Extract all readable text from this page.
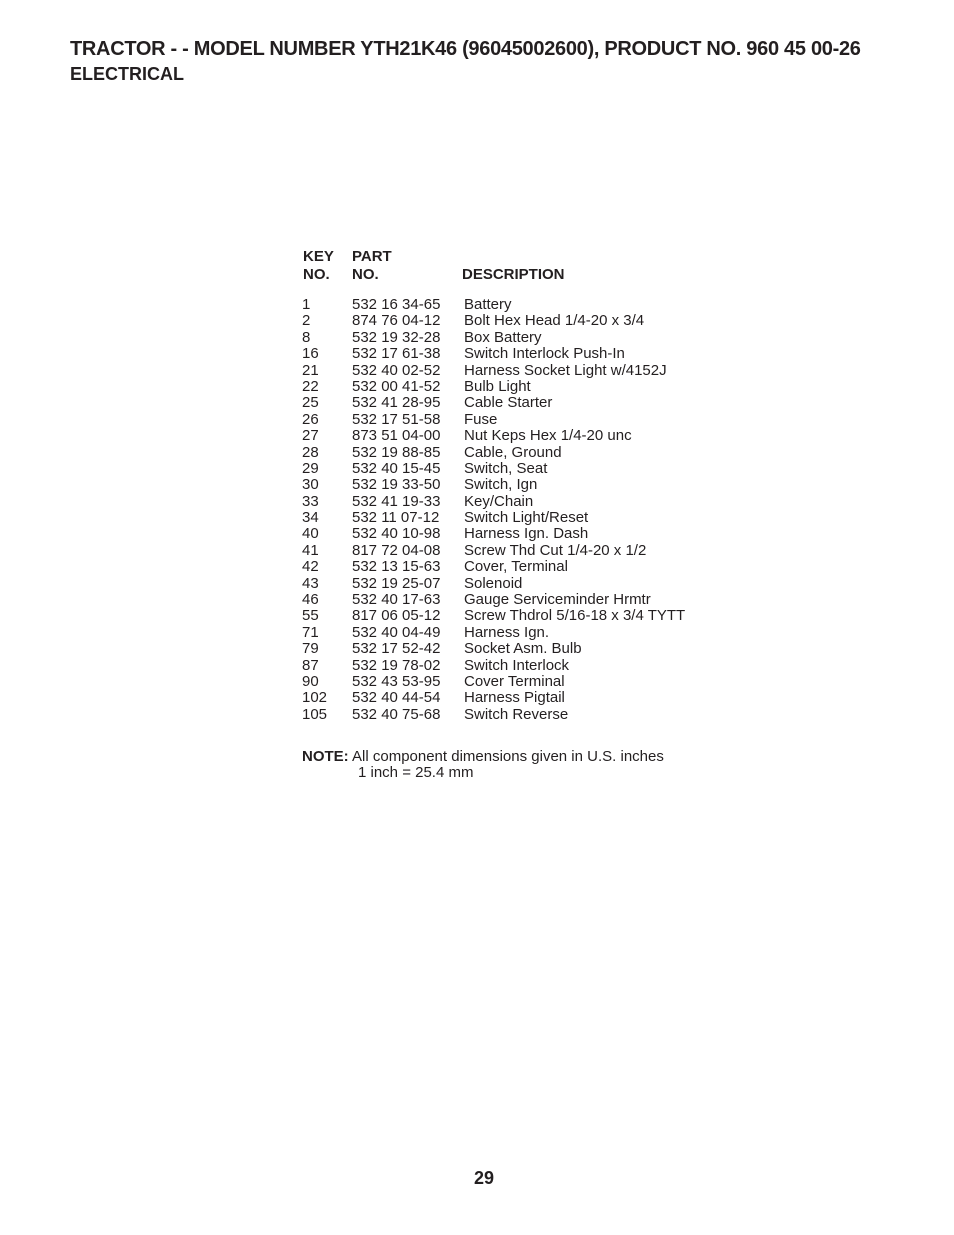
TRACTOR - - MODEL NUMBER YTH21K46 (96045002600), PRODUCT NO. 960 45 00-26
ELECTRICAL
KEY
NO.
PART
NO.	DESCRIPTION
1	532 16 34-65 Battery
2	874 76 04-12 Bolt Hex Head 1/4-20 x 3/4
8	532 19 32-28 Box Battery
16 532 17 61-38 Switch Interlock Push-In
21 532 40 02-52 Harness Socket Light w/4152J
22 532 00 41-52 Bulb Light
25 532 41 28-95 Cable Starter
26 532 17 51-58 Fuse
27 873 51 04-00 Nut Keps Hex 1/4-20 unc
28 532 19 88-85 Cable, Ground
29 532 40 15-45 Switch, Seat
30 532 19 33-50 Switch, Ign
33 532 41 19-33 Key/Chain
34 532 11 07-12 Switch Light/Reset
40 532 40 10-98 Harness Ign. Dash
41 817 72 04-08 Screw Thd Cut 1/4-20 x 1/2
42 532 13 15-63 Cover, Terminal
43 532 19 25-07 Solenoid
46 532 40 17-63 Gauge Serviceminder Hrmtr
55 817 06 05-12 Screw Thdrol 5/16-18 x 3/4 TYTT
71 532 40 04-49 Harness Ign.
79 532 17 52-42 Socket Asm. Bulb
87 532 19 78-02 Switch Interlock
90 532 43 53-95 Cover Terminal
102 532 40 44-54 Harness Pigtail
105 532 40 75-68 Switch Reverse
NOTE: All component dimensions given in U.S. inches
1 inch = 25.4 mm
29
